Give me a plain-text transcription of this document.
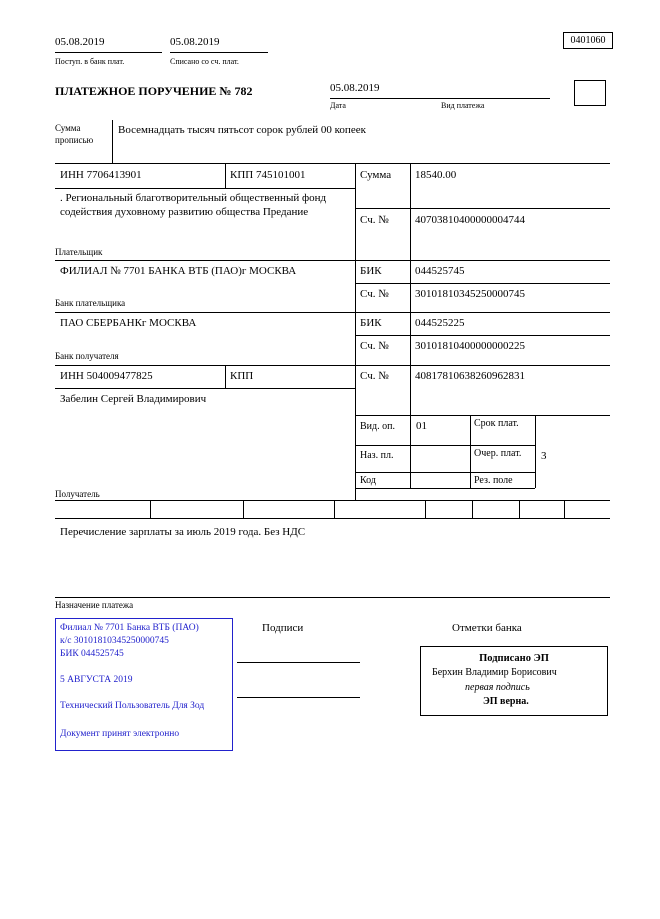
05.08.2019
Поступ. в банк плат.
05.08.2019
Списано со сч. плат.
0401060
ПЛАТЕЖНОЕ ПОРУЧЕНИЕ № 782	05.08.2019
Дата	Вид платежа
Сумма прописью
Восемнадцать тысяч пятьсот сорок рублей 00 копеек
ИНН 7706413901	КПП 745101001	Сумма 18540.00
. Региональный благотворительный общественный фонд содействия духовному развитию общества Предание
Сч. № 40703810400000004744
Плательщик
ФИЛИАЛ № 7701 БАНКА ВТБ (ПАО)г МОСКВА	БИК	044525745
Сч. № 30101810345250000745
Банк плательщика
ПАО СБЕРБАНКг МОСКВА	БИК	044525225
Сч. № 30101810400000000225
Банк получателя
ИНН 504009477825	КПП	Сч. № 40817810638260962831
Забелин Сергей Владимирович
Вид. оп. 01	Срок плат.
Наз. пл.	Очер. плат. 3
Код	Рез. поле
Получатель
Перечисление зарплаты за июль 2019 года. Без НДС
Назначение платежа
Филиал № 7701 Банка ВТБ (ПАО)
к/с 30101810345250000745
БИК 044525745
5 АВГУСТА 2019
Технический Пользователь Для Зод
Документ принят электронно
Подписи	Отметки банка
Подписано ЭП
Берхин Владимир Борисович
первая подпись
ЭП верна.
